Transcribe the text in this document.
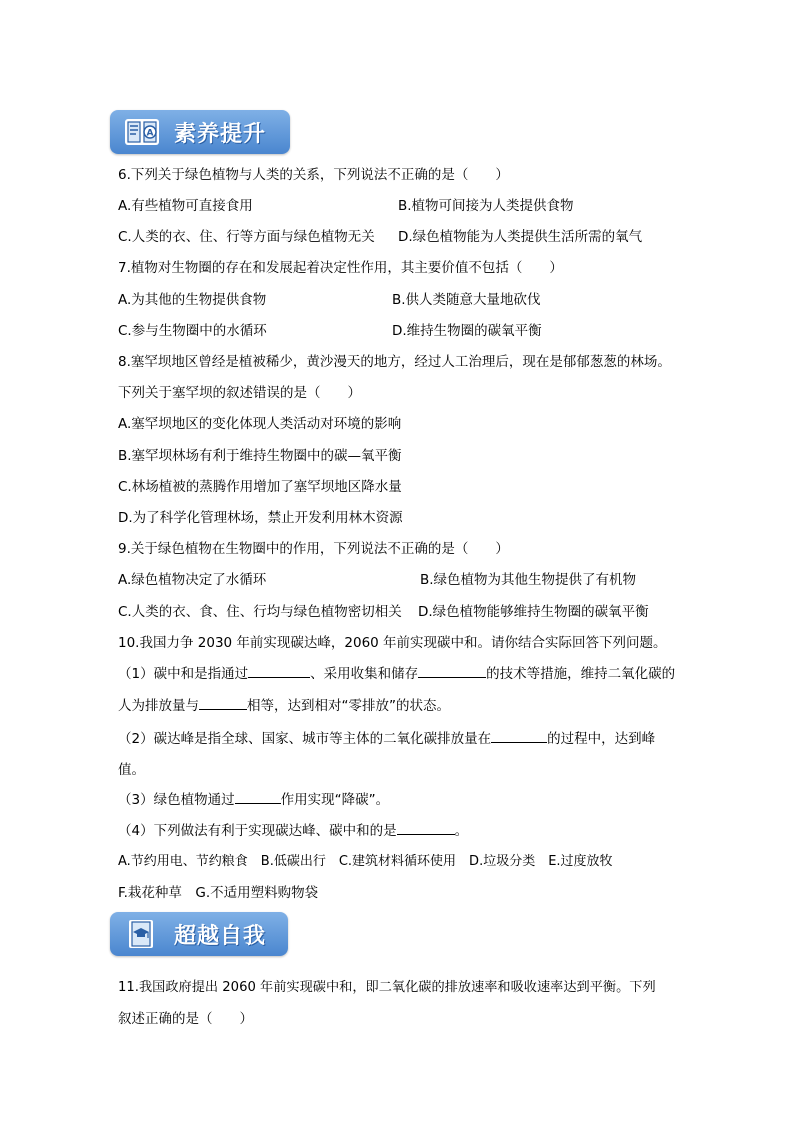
A 素养提升
6.下列关于绿色植物与人类的关系，下列说法不正确的是（　　）
A.有些植物可直接食用	B.植物可间接为人类提供食物
C.人类的衣、住、行等方面与绿色植物无关 D.绿色植物能为人类提供生活所需的氧气
7.植物对生物圈的存在和发展起着决定性作用，其主要价值不包括（　　）
A.为其他的生物提供食物	B.供人类随意大量地砍伐
C.参与生物圈中的水循环	D.维持生物圈的碳氧平衡
8.塞罕坝地区曾经是植被稀少，黄沙漫天的地方，经过人工治理后，现在是郁郁葱葱的林场。
下列关于塞罕坝的叙述错误的是（　　）
A.塞罕坝地区的变化体现人类活动对环境的影响
B.塞罕坝林场有利于维持生物圈中的碳—氧平衡
C.林场植被的蒸腾作用增加了塞罕坝地区降水量
D.为了科学化管理林场，禁止开发利用林木资源
9.关于绿色植物在生物圈中的作用，下列说法不正确的是（　　）
A.绿色植物决定了水循环	B.绿色植物为其他生物提供了有机物
C.人类的衣、食、住、行均与绿色植物密切相关 D.绿色植物能够维持生物圈的碳氧平衡
10.我国力争 2030 年前实现碳达峰，2060 年前实现碳中和。请你结合实际回答下列问题。
（1）碳中和是指通过	、采用收集和储存	的技术等措施，维持二氧化碳的
人为排放量与	相等，达到相对“零排放”的状态。
（2）碳达峰是指全球、国家、城市等主体的二氧化碳排放量在	的过程中，达到峰
值。
（3）绿色植物通过	作用实现“降碳”。
（4）下列做法有利于实现碳达峰、碳中和的是	。
A.节约用电、节约粮食　B.低碳出行　C.建筑材料循环使用　D.垃圾分类　E.过度放牧
F.栽花种草　G.不适用塑料购物袋
超越自我
11.我国政府提出 2060 年前实现碳中和，即二氧化碳的排放速率和吸收速率达到平衡。下列
叙述正确的是（　　）
